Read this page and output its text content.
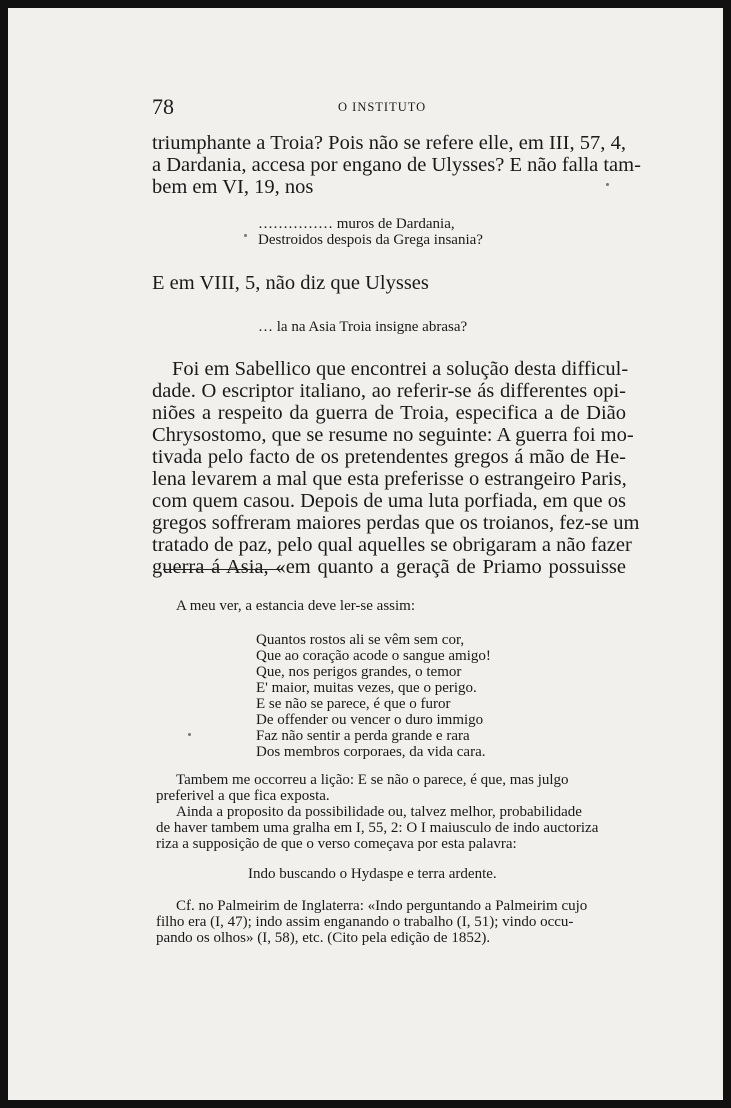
78	O INSTITUTO
triumphante a Troia? Pois não se refere elle, em III, 57, 4,
a Dardania, accesa por engano de Ulysses? E não falla tam-
bem em VI, 19, nos
…………… muros de Dardania,
Destroidos despois da Grega insania?
E em VIII, 5, não diz que Ulysses
… la na Asia Troia insigne abrasa?
Foi em Sabellico que encontrei a solução desta difficul-
dade. O escriptor italiano, ao referir-se ás differentes opi-
niões a respeito da guerra de Troia, especifica a de Dião
Chrysostomo, que se resume no seguinte: A guerra foi mo-
tivada pelo facto de os pretendentes gregos á mão de He-
lena levarem a mal que esta preferisse o estrangeiro Paris,
com quem casou. Depois de uma luta porfiada, em que os
gregos soffreram maiores perdas que os troianos, fez-se um
tratado de paz, pelo qual aquelles se obrigaram a não fazer
guerra á Asia, «em quanto a geraçã de Priamo possuisse
A meu ver, a estancia deve ler-se assim:
Quantos rostos ali se vêm sem cor,
Que ao coração acode o sangue amigo!
Que, nos perigos grandes, o temor
E' maior, muitas vezes, que o perigo.
E se não se parece, é que o furor
De offender ou vencer o duro immigo
Faz não sentir a perda grande e rara
Dos membros corporaes, da vida cara.
Tambem me occorreu a lição: E se não o parece, é que, mas julgo
preferivel a que fica exposta.
Ainda a proposito da possibilidade ou, talvez melhor, probabilidade
de haver tambem uma gralha em I, 55, 2: O I maiusculo de indo auctoriza
riza a supposição de que o verso começava por esta palavra:
Indo buscando o Hydaspe e terra ardente.
Cf. no Palmeirim de Inglaterra: «Indo perguntando a Palmeirim cujo
filho era (I, 47); indo assim enganando o trabalho (I, 51); vindo occu-
pando os olhos» (I, 58), etc. (Cito pela edição de 1852).
